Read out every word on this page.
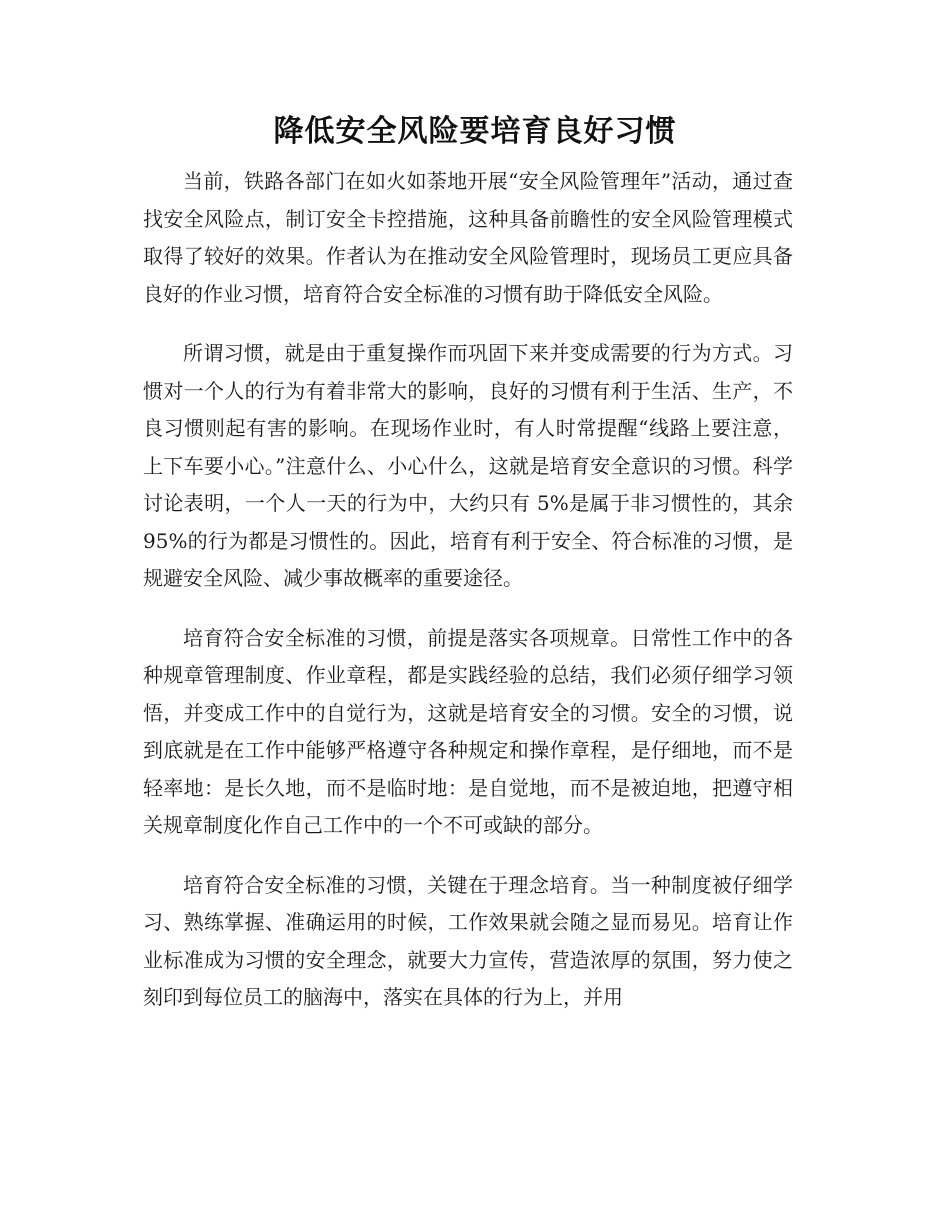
降低安全风险要培育良好习惯

当前，铁路各部门在如火如荼地开展“安全风险管理年”活动，通过查找安全风险点，制订安全卡控措施，这种具备前瞻性的安全风险管理模式取得了较好的效果。作者认为在推动安全风险管理时，现场员工更应具备良好的作业习惯，培育符合安全标准的习惯有助于降低安全风险。

所谓习惯，就是由于重复操作而巩固下来并变成需要的行为方式。习惯对一个人的行为有着非常大的影响，良好的习惯有利于生活、生产，不良习惯则起有害的影响。在现场作业时，有人时常提醒“线路上要注意，上下车要小心。”注意什么、小心什么，这就是培育安全意识的习惯。科学讨论表明，一个人一天的行为中，大约只有 5%是属于非习惯性的，其余 95%的行为都是习惯性的。因此，培育有利于安全、符合标准的习惯，是规避安全风险、减少事故概率的重要途径。

培育符合安全标准的习惯，前提是落实各项规章。日常性工作中的各种规章管理制度、作业章程，都是实践经验的总结，我们必须仔细学习领悟，并变成工作中的自觉行为，这就是培育安全的习惯。安全的习惯，说到底就是在工作中能够严格遵守各种规定和操作章程，是仔细地，而不是轻率地：是长久地，而不是临时地：是自觉地，而不是被迫地，把遵守相关规章制度化作自己工作中的一个不可或缺的部分。

培育符合安全标准的习惯，关键在于理念培育。当一种制度被仔细学习、熟练掌握、准确运用的时候，工作效果就会随之显而易见。培育让作业标准成为习惯的安全理念，就要大力宣传，营造浓厚的氛围，努力使之刻印到每位员工的脑海中，落实在具体的行为上，并用
